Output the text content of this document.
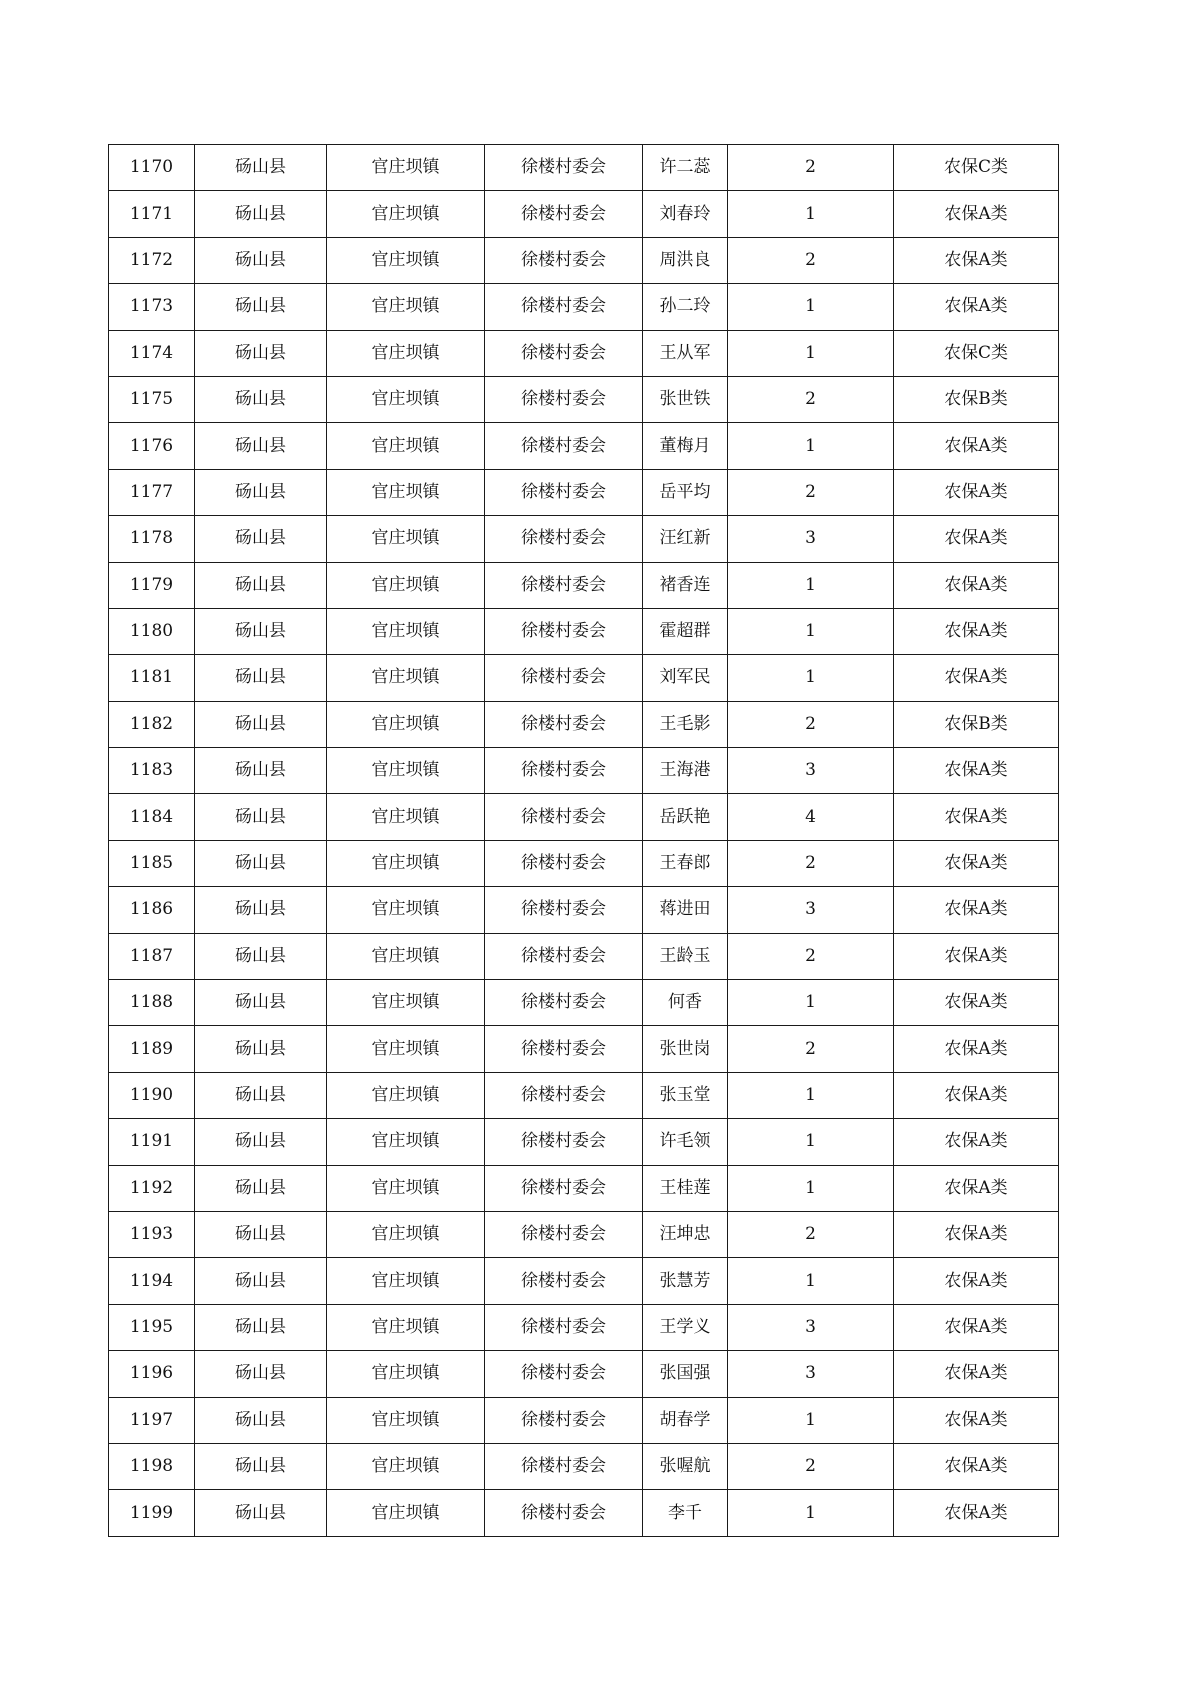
1170	砀山县	官庄坝镇	徐楼村委会	许二蕊	2	农保C类
1171	砀山县	官庄坝镇	徐楼村委会	刘春玲	1	农保A类
1172	砀山县	官庄坝镇	徐楼村委会	周洪良	2	农保A类
1173	砀山县	官庄坝镇	徐楼村委会	孙二玲	1	农保A类
1174	砀山县	官庄坝镇	徐楼村委会	王从军	1	农保C类
1175	砀山县	官庄坝镇	徐楼村委会	张世铁	2	农保B类
1176	砀山县	官庄坝镇	徐楼村委会	董梅月	1	农保A类
1177	砀山县	官庄坝镇	徐楼村委会	岳平均	2	农保A类
1178	砀山县	官庄坝镇	徐楼村委会	汪红新	3	农保A类
1179	砀山县	官庄坝镇	徐楼村委会	褚香连	1	农保A类
1180	砀山县	官庄坝镇	徐楼村委会	霍超群	1	农保A类
1181	砀山县	官庄坝镇	徐楼村委会	刘军民	1	农保A类
1182	砀山县	官庄坝镇	徐楼村委会	王毛影	2	农保B类
1183	砀山县	官庄坝镇	徐楼村委会	王海港	3	农保A类
1184	砀山县	官庄坝镇	徐楼村委会	岳跃艳	4	农保A类
1185	砀山县	官庄坝镇	徐楼村委会	王春郎	2	农保A类
1186	砀山县	官庄坝镇	徐楼村委会	蒋进田	3	农保A类
1187	砀山县	官庄坝镇	徐楼村委会	王龄玉	2	农保A类
1188	砀山县	官庄坝镇	徐楼村委会	何香	1	农保A类
1189	砀山县	官庄坝镇	徐楼村委会	张世岗	2	农保A类
1190	砀山县	官庄坝镇	徐楼村委会	张玉堂	1	农保A类
1191	砀山县	官庄坝镇	徐楼村委会	许毛领	1	农保A类
1192	砀山县	官庄坝镇	徐楼村委会	王桂莲	1	农保A类
1193	砀山县	官庄坝镇	徐楼村委会	汪坤忠	2	农保A类
1194	砀山县	官庄坝镇	徐楼村委会	张慧芳	1	农保A类
1195	砀山县	官庄坝镇	徐楼村委会	王学义	3	农保A类
1196	砀山县	官庄坝镇	徐楼村委会	张国强	3	农保A类
1197	砀山县	官庄坝镇	徐楼村委会	胡春学	1	农保A类
1198	砀山县	官庄坝镇	徐楼村委会	张喔航	2	农保A类
1199	砀山县	官庄坝镇	徐楼村委会	李千	1	农保A类
